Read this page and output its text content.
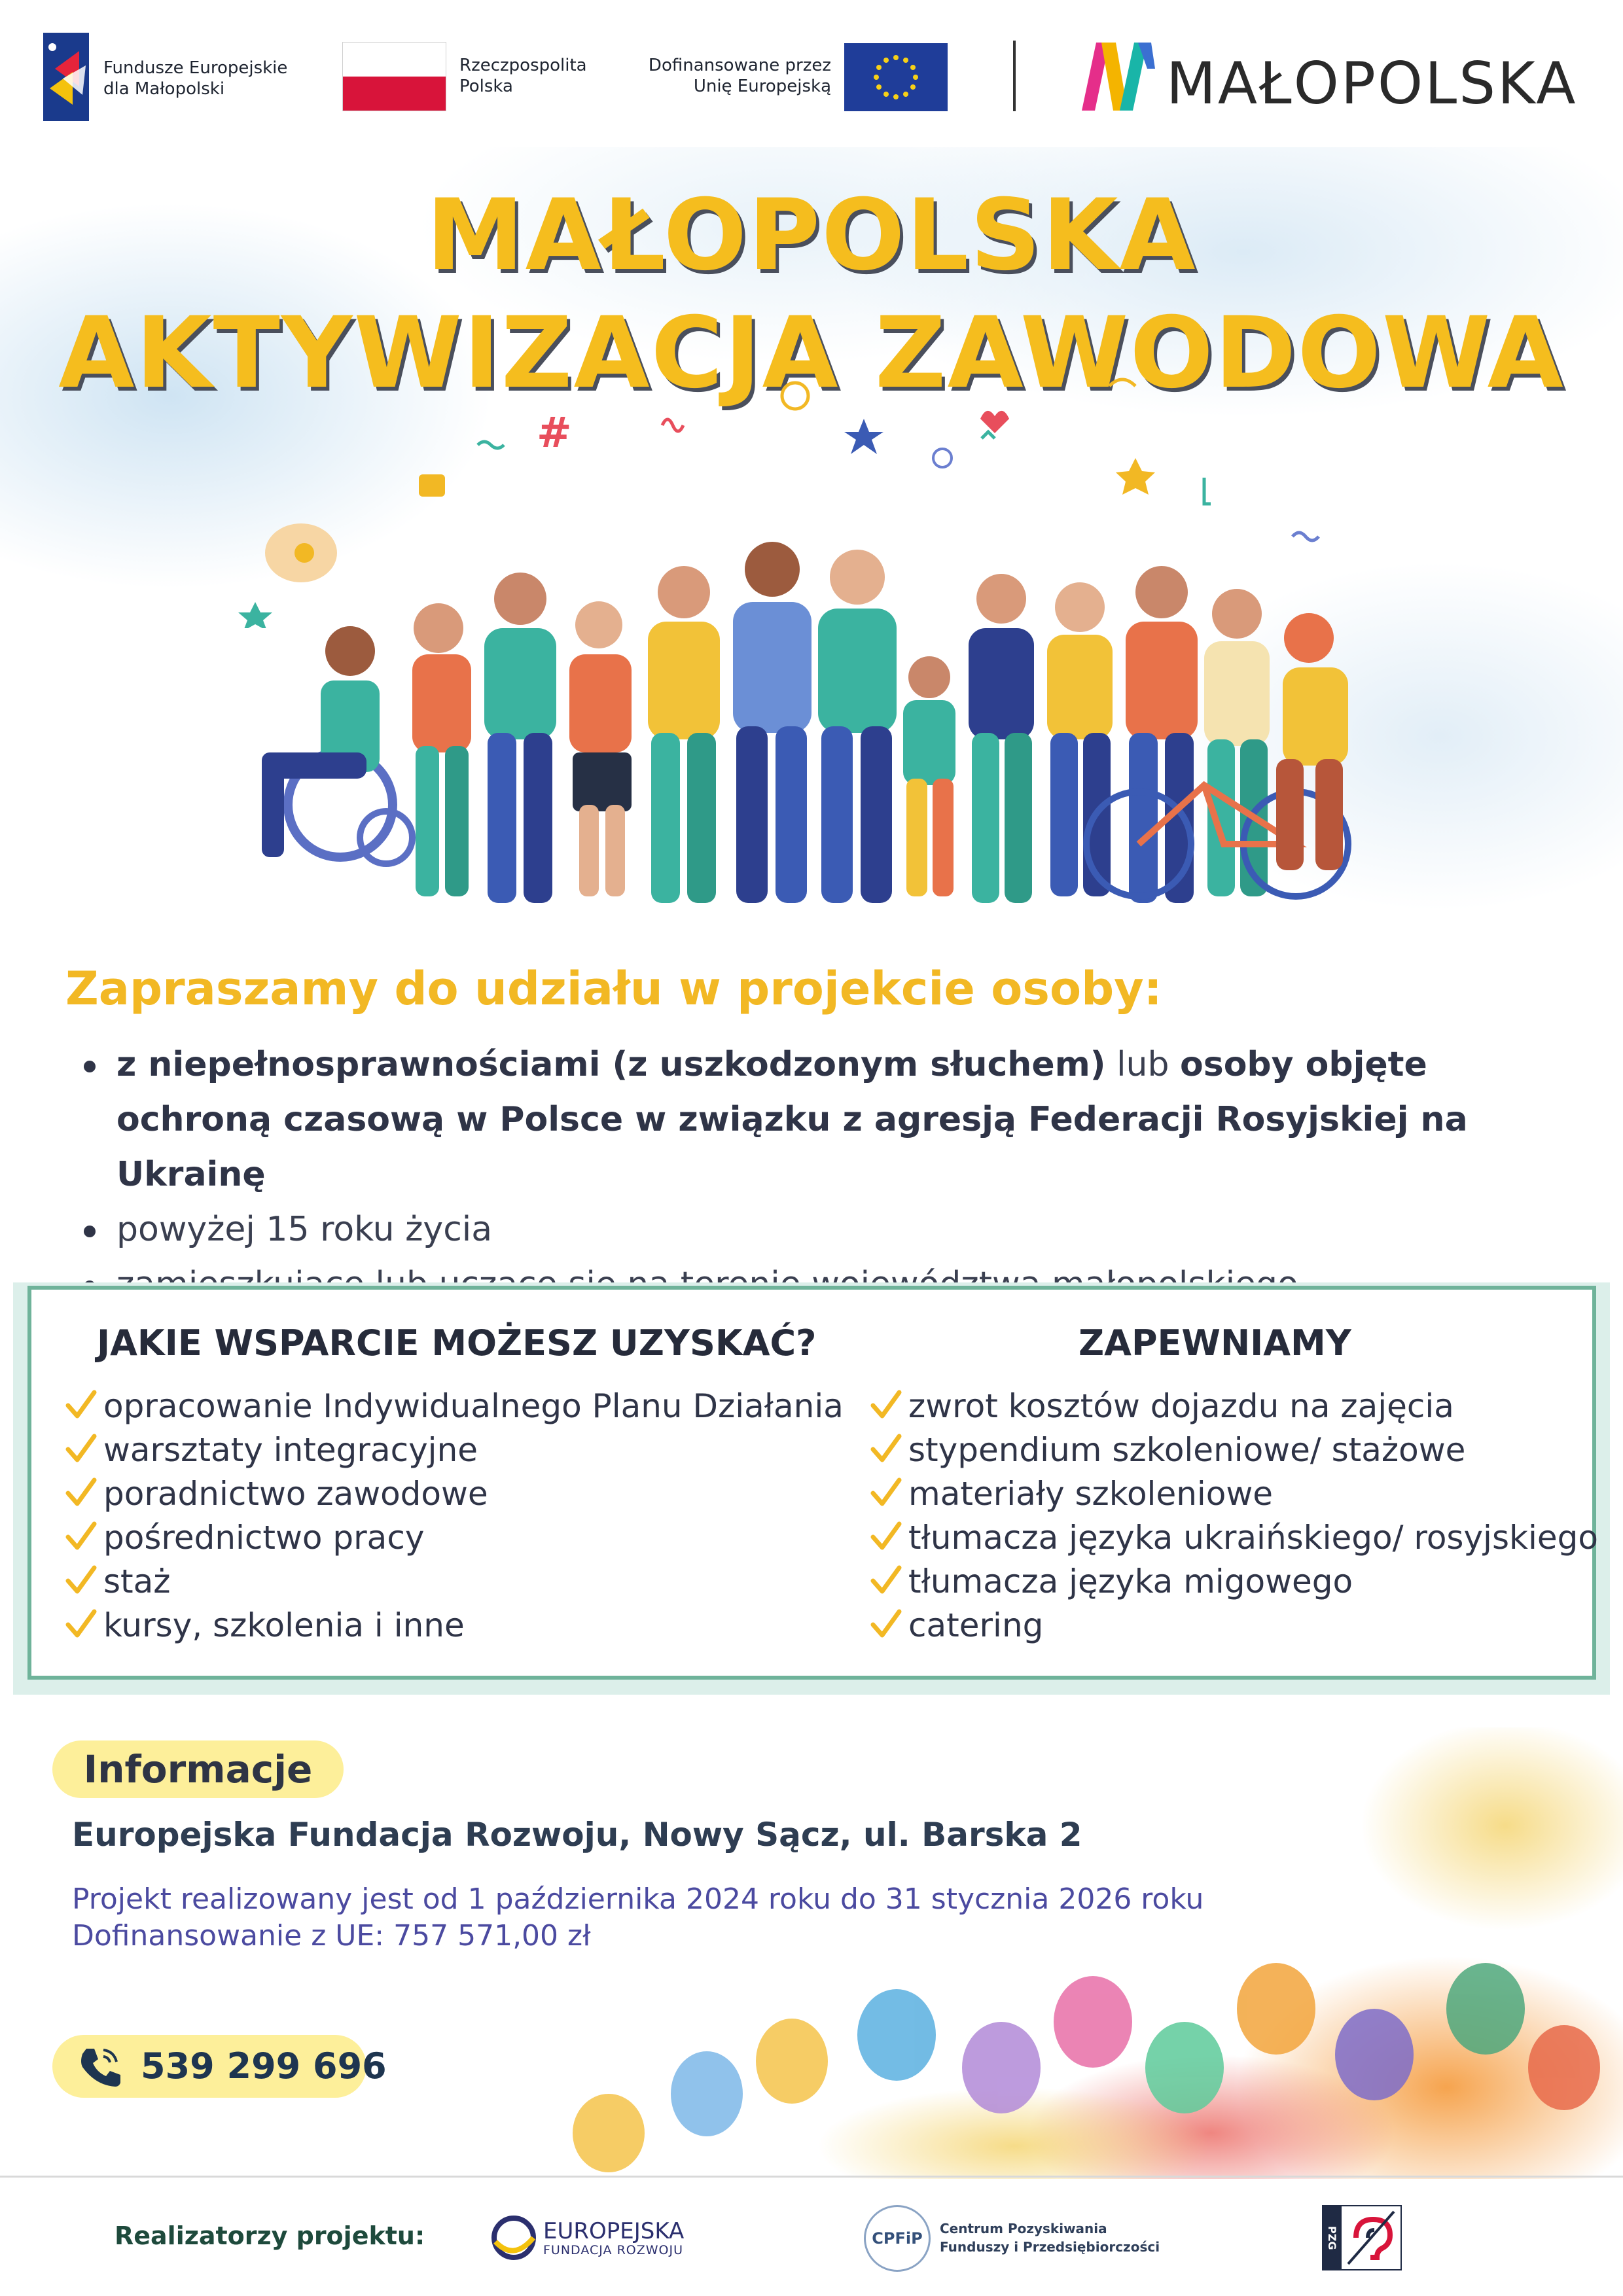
Fundusze Europejskie
dla Małopolski
Rzeczpospolita
Polska
Dofinansowane przez
Unię Europejską	MAŁOPOLSKA
MAŁOPOLSKA
AKTYWIZACJA ZAWODOWA
#
Zapraszamy do udziału w projekcie osoby:
z niepełnosprawnościami (z uszkodzonym słuchem) lub osoby objęte ochroną czasową w Polsce w związku z agresją Federacji Rosyjskiej na Ukrainę
powyżej 15 roku życia
JAKIE WSPARCIE MOŻESZ UZYSKAĆ?	ZAPEWNIAMY
opracowanie Indywidualnego Planu Działania
warsztaty integracyjne
poradnictwo zawodowe
pośrednictwo pracy
staż
kursy, szkolenia i inne
zwrot kosztów dojazdu na zajęcia
stypendium szkoleniowe/ stażowe
materiały szkoleniowe
tłumacza języka ukraińskiego/ rosyjskiego
tłumacza języka migowego
catering
Informacje
Europejska Fundacja Rozwoju, Nowy Sącz, ul. Barska 2
Projekt realizowany jest od 1 października 2024 roku do 31 stycznia 2026 roku
Dofinansowanie z UE: 757 571,00 zł
539 299 696
Realizatorzy projektu:	EUROPEJSKA
FUNDACJA ROZWOJU
CPFiP
Centrum Pozyskiwania
Funduszy i Przedsiębiorczości	PZG
